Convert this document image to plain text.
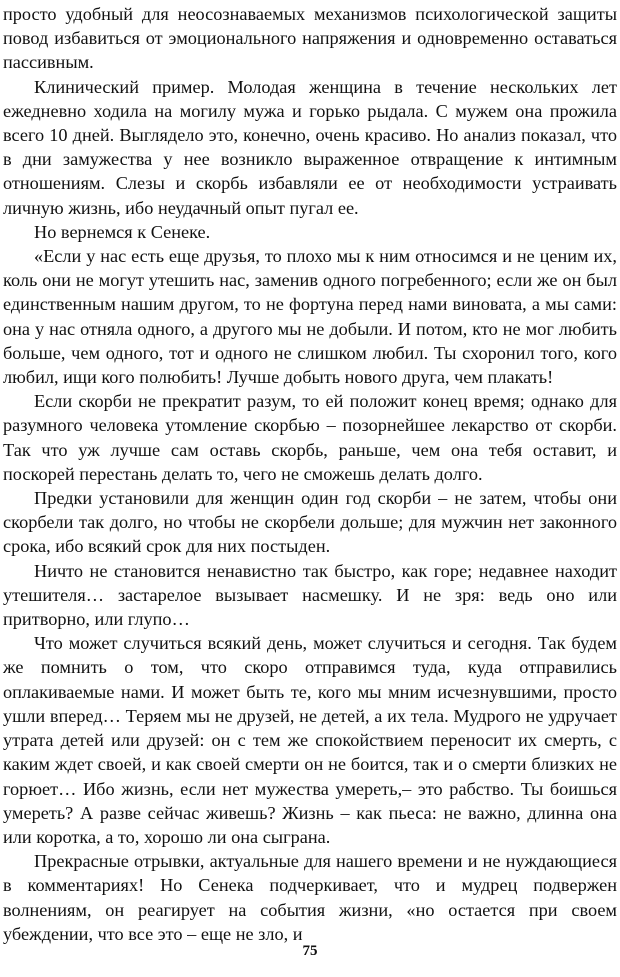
просто удобный для неосознаваемых механизмов психологической защиты повод избавиться от эмоционального напряжения и одновременно оставаться пассивным.

Клинический пример. Молодая женщина в течение нескольких лет ежедневно ходила на могилу мужа и горько рыдала. С мужем она прожила всего 10 дней. Выглядело это, конечно, очень красиво. Но анализ показал, что в дни замужества у нее возникло выраженное отвращение к интимным отношениям. Слезы и скорбь избавляли ее от необходимости устраивать личную жизнь, ибо неудачный опыт пугал ее.

Но вернемся к Сенеке.

«Если у нас есть еще друзья, то плохо мы к ним относимся и не ценим их, коль они не могут утешить нас, заменив одного погребенного; если же он был единственным нашим другом, то не фортуна перед нами виновата, а мы сами: она у нас отняла одного, а другого мы не добыли. И потом, кто не мог любить больше, чем одного, тот и одного не слишком любил. Ты схоронил того, кого любил, ищи кого полюбить! Лучше добыть нового друга, чем плакать!

Если скорби не прекратит разум, то ей положит конец время; однако для разумного человека утомление скорбью – позорнейшее лекарство от скорби. Так что уж лучше сам оставь скорбь, раньше, чем она тебя оставит, и поскорей перестань делать то, чего не сможешь делать долго.

Предки установили для женщин один год скорби – не затем, чтобы они скорбели так долго, но чтобы не скорбели дольше; для мужчин нет законного срока, ибо всякий срок для них постыден.

Ничто не становится ненавистно так быстро, как горе; недавнее находит утешителя… застарелое вызывает насмешку. И не зря: ведь оно или притворно, или глупо…

Что может случиться всякий день, может случиться и сегодня. Так будем же помнить о том, что скоро отправимся туда, куда отправились оплакиваемые нами. И может быть те, кого мы мним исчезнувшими, просто ушли вперед… Теряем мы не друзей, не детей, а их тела. Мудрого не удручает утрата детей или друзей: он с тем же спокойствием переносит их смерть, с каким ждет своей, и как своей смерти он не боится, так и о смерти близких не горюет… Ибо жизнь, если нет мужества умереть,– это рабство. Ты боишься умереть? А разве сейчас живешь? Жизнь – как пьеса: не важно, длинна она или коротка, а то, хорошо ли она сыграна.

Прекрасные отрывки, актуальные для нашего времени и не нуждающиеся в комментариях! Но Сенека подчеркивает, что и мудрец подвержен волнениям, он реагирует на события жизни, «но остается при своем убеждении, что все это – еще не зло, и

75
